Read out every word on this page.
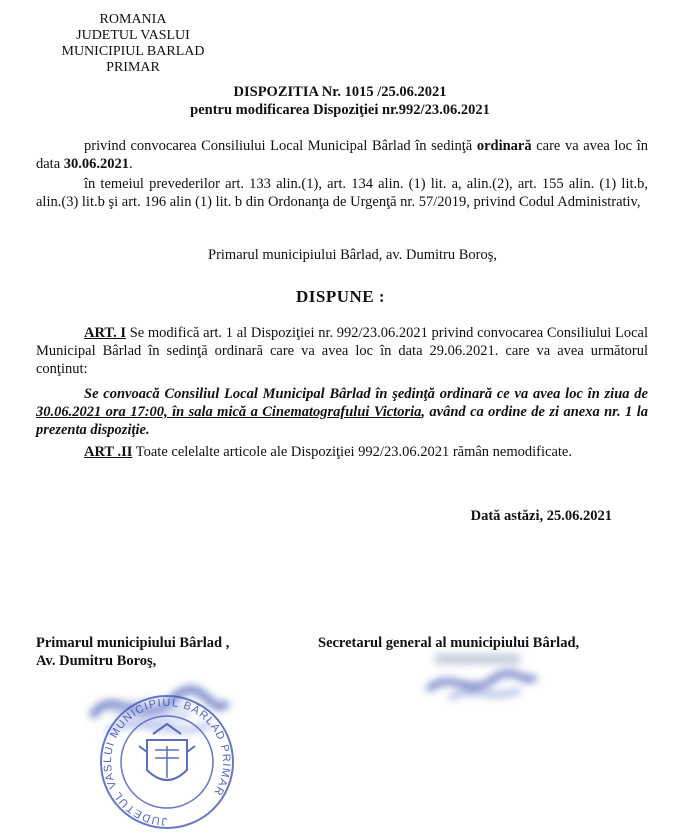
ROMANIA
JUDETUL VASLUI
MUNICIPIUL BARLAD
PRIMAR
DISPOZITIA Nr. 1015 /25.06.2021
pentru modificarea Dispoziţiei nr.992/23.06.2021
privind convocarea Consiliului Local Municipal Bârlad în sedinţă ordinară care va avea loc în data 30.06.2021.
în temeiul prevederilor art. 133 alin.(1), art. 134 alin. (1) lit. a, alin.(2), art. 155 alin. (1) lit.b, alin.(3) lit.b şi art. 196 alin (1) lit. b din Ordonanţa de Urgenţă nr. 57/2019, privind Codul Administrativ,
Primarul municipiului Bârlad, av. Dumitru Boroş,
DISPUNE :
ART. I Se modifică art. 1 al Dispoziţiei nr. 992/23.06.2021 privind convocarea Consiliului Local Municipal Bârlad în sedinţă ordinară care va avea loc în data 29.06.2021. care va avea următorul conţinut:
Se convoacă Consiliul Local Municipal Bârlad în şedinţă ordinară ce va avea loc în ziua de 30.06.2021 ora 17:00, în sala mică a Cinematografului Victoria, având ca ordine de zi anexa nr. 1 la prezenta dispoziţie.
ART .II Toate celelalte articole ale Dispoziţiei 992/23.06.2021 rămân nemodificate.
Dată astăzi, 25.06.2021
Primarul municipiului Bârlad ,
Av. Dumitru Boroş,
Secretarul general al municipiului Bârlad,
JUDETUL VASLUI MUNICIPIUL BÂRLAD PRIMAR
